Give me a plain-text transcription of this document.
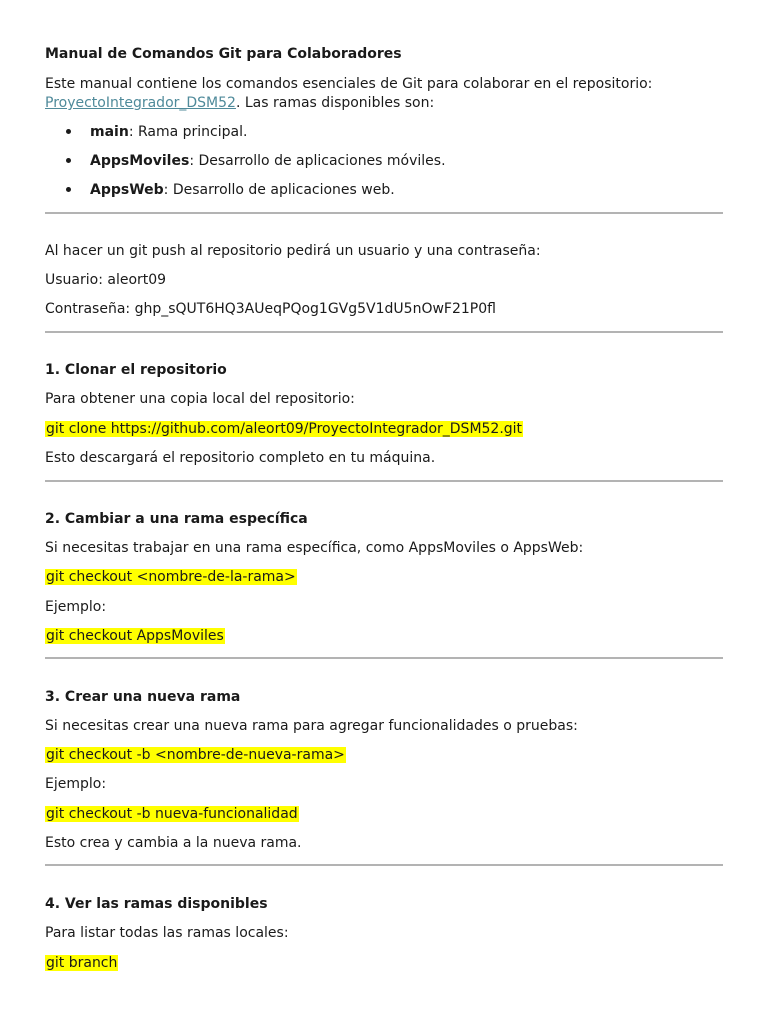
Manual de Comandos Git para Colaboradores
Este manual contiene los comandos esenciales de Git para colaborar en el repositorio:
ProyectoIntegrador_DSM52. Las ramas disponibles son:
main: Rama principal.
AppsMoviles: Desarrollo de aplicaciones móviles.
AppsWeb: Desarrollo de aplicaciones web.
Al hacer un git push al repositorio pedirá un usuario y una contraseña:
Usuario: aleort09
Contraseña: 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
1. Clonar el repositorio
Para obtener una copia local del repositorio:
git clone https://github.com/aleort09/ProyectoIntegrador_DSM52.git
Esto descargará el repositorio completo en tu máquina.
2. Cambiar a una rama específica
Si necesitas trabajar en una rama específica, como AppsMoviles o AppsWeb:
git checkout <nombre-de-la-rama>
Ejemplo:
git checkout AppsMoviles
3. Crear una nueva rama
Si necesitas crear una nueva rama para agregar funcionalidades o pruebas:
git checkout -b <nombre-de-nueva-rama>
Ejemplo:
git checkout -b nueva-funcionalidad
Esto crea y cambia a la nueva rama.
4. Ver las ramas disponibles
Para listar todas las ramas locales:
git branch
